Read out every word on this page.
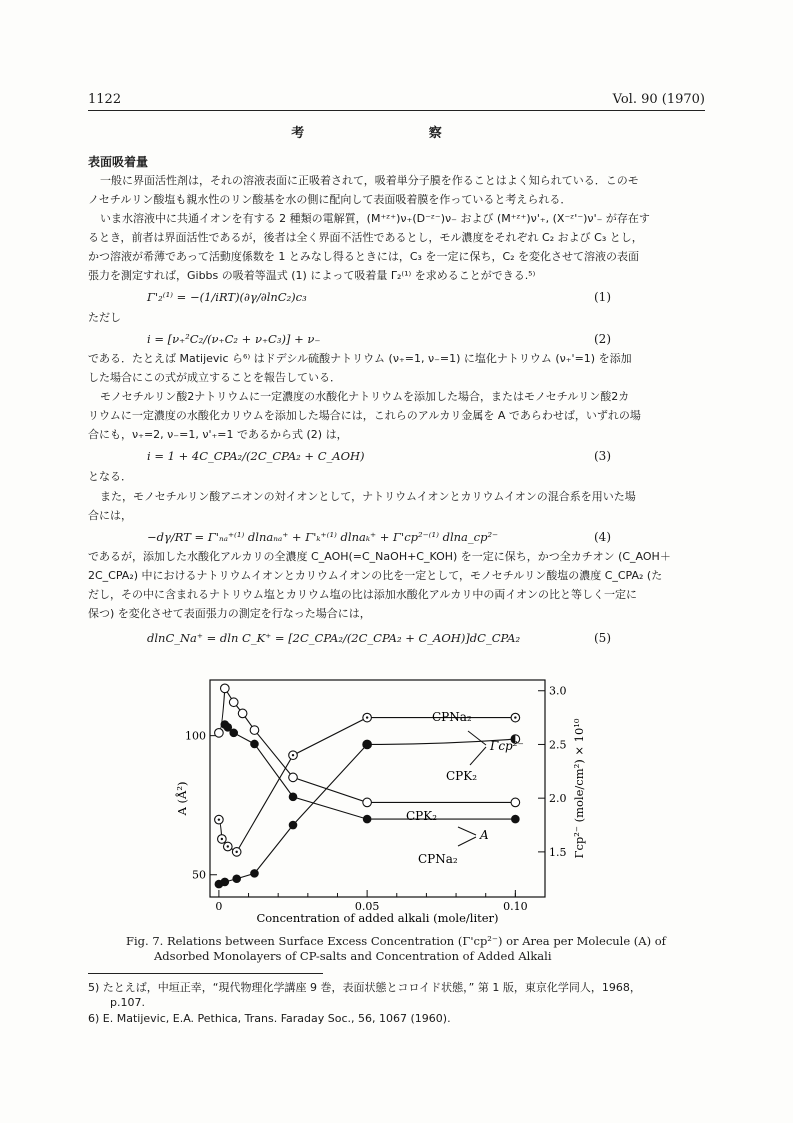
1122	Vol. 90 (1970)
考 察
表面吸着量
一般に界面活性剤は，それの溶液表面に正吸着されて，吸着単分子膜を作ることはよく知られている．このモ
ノセチルリン酸塩も親水性のリン酸基を水の側に配向して表面吸着膜を作っていると考えられる．
いま水溶液中に共通イオンを有する 2 種類の電解質，(M⁺ᶻ⁺)ν₊(D⁻ᶻ⁻)ν₋ および (M⁺ᶻ⁺)ν'₊, (X⁻ᶻ'⁻)ν'₋ が存在す
るとき，前者は界面活性であるが，後者は全く界面不活性であるとし，モル濃度をそれぞれ C₂ および C₃ とし，
かつ溶液が希薄であって活動度係数を 1 とみなし得るときには，C₃ を一定に保ち，C₂ を変化させて溶液の表面
張力を測定すれば，Gibbs の吸着等温式 (1) によって吸着量 Γ₂⁽¹⁾ を求めることができる.⁵⁾
Γ'₂⁽¹⁾ = −(1/iRT)(∂γ/∂lnC₂)c₃	(1)
ただし
i = [ν₊²C₂/(ν₊C₂ + ν₊C₃)] + ν₋	(2)
である．たとえば Matijevic ら⁶⁾ はドデシル硫酸ナトリウム (ν₊=1, ν₋=1) に塩化ナトリウム (ν₊'=1) を添加
した場合にこの式が成立することを報告している．
モノセチルリン酸2ナトリウムに一定濃度の水酸化ナトリウムを添加した場合，またはモノセチルリン酸2カ
リウムに一定濃度の水酸化カリウムを添加した場合には，これらのアルカリ金属を A であらわせば，いずれの場
合にも，ν₊=2, ν₋=1, ν'₊=1 であるから式 (2) は，
i = 1 + 4C_CPA₂/(2C_CPA₂ + C_AOH)	(3)
となる．
また，モノセチルリン酸アニオンの対イオンとして，ナトリウムイオンとカリウムイオンの混合系を用いた場
合には，
−dγ/RT = Γ'ₙₐ⁺⁽¹⁾ dlnaₙₐ⁺ + Γ'ₖ⁺⁽¹⁾ dlnaₖ⁺ + Γ'cp²⁻⁽¹⁾ dlna_cp²⁻	(4)
であるが，添加した水酸化アルカリの全濃度 C_AOH(=C_NaOH+C_KOH) を一定に保ち，かつ全カチオン (C_AOH＋
2C_CPA₂) 中におけるナトリウムイオンとカリウムイオンの比を一定として，モノセチルリン酸塩の濃度 C_CPA₂ (た
だし，その中に含まれるナトリウム塩とカリウム塩の比は添加水酸化アルカリ中の両イオンの比と等しく一定に
保つ) を変化させて表面張力の測定を行なった場合には，
dlnC_Na⁺ = dln C_K⁺ = [2C_CPA₂/(2C_CPA₂ + C_AOH)]dC_CPA₂	(5)
0	0.05	0.10
50
100
1.5
2.0
2.5
3.0
Concentration of added alkali (mole/liter)
A (Å²)	Γcp²⁻ (mole/cm²) × 10¹⁰
CPNa₂
Γcp²⁻
CPK₂
CPK₂
A
CPNa₂
Fig. 7. Relations between Surface Excess Concentration (Γ'cp²⁻) or Area per Molecule (A) of
Adsorbed Monolayers of CP-salts and Concentration of Added Alkali
5) たとえば，中垣正幸，“現代物理化学講座 9 巻，表面状態とコロイド状態，” 第 1 版，東京化学同人，1968，
p.107.
6) E. Matijevic, E.A. Pethica, Trans. Faraday Soc., 56, 1067 (1960).
